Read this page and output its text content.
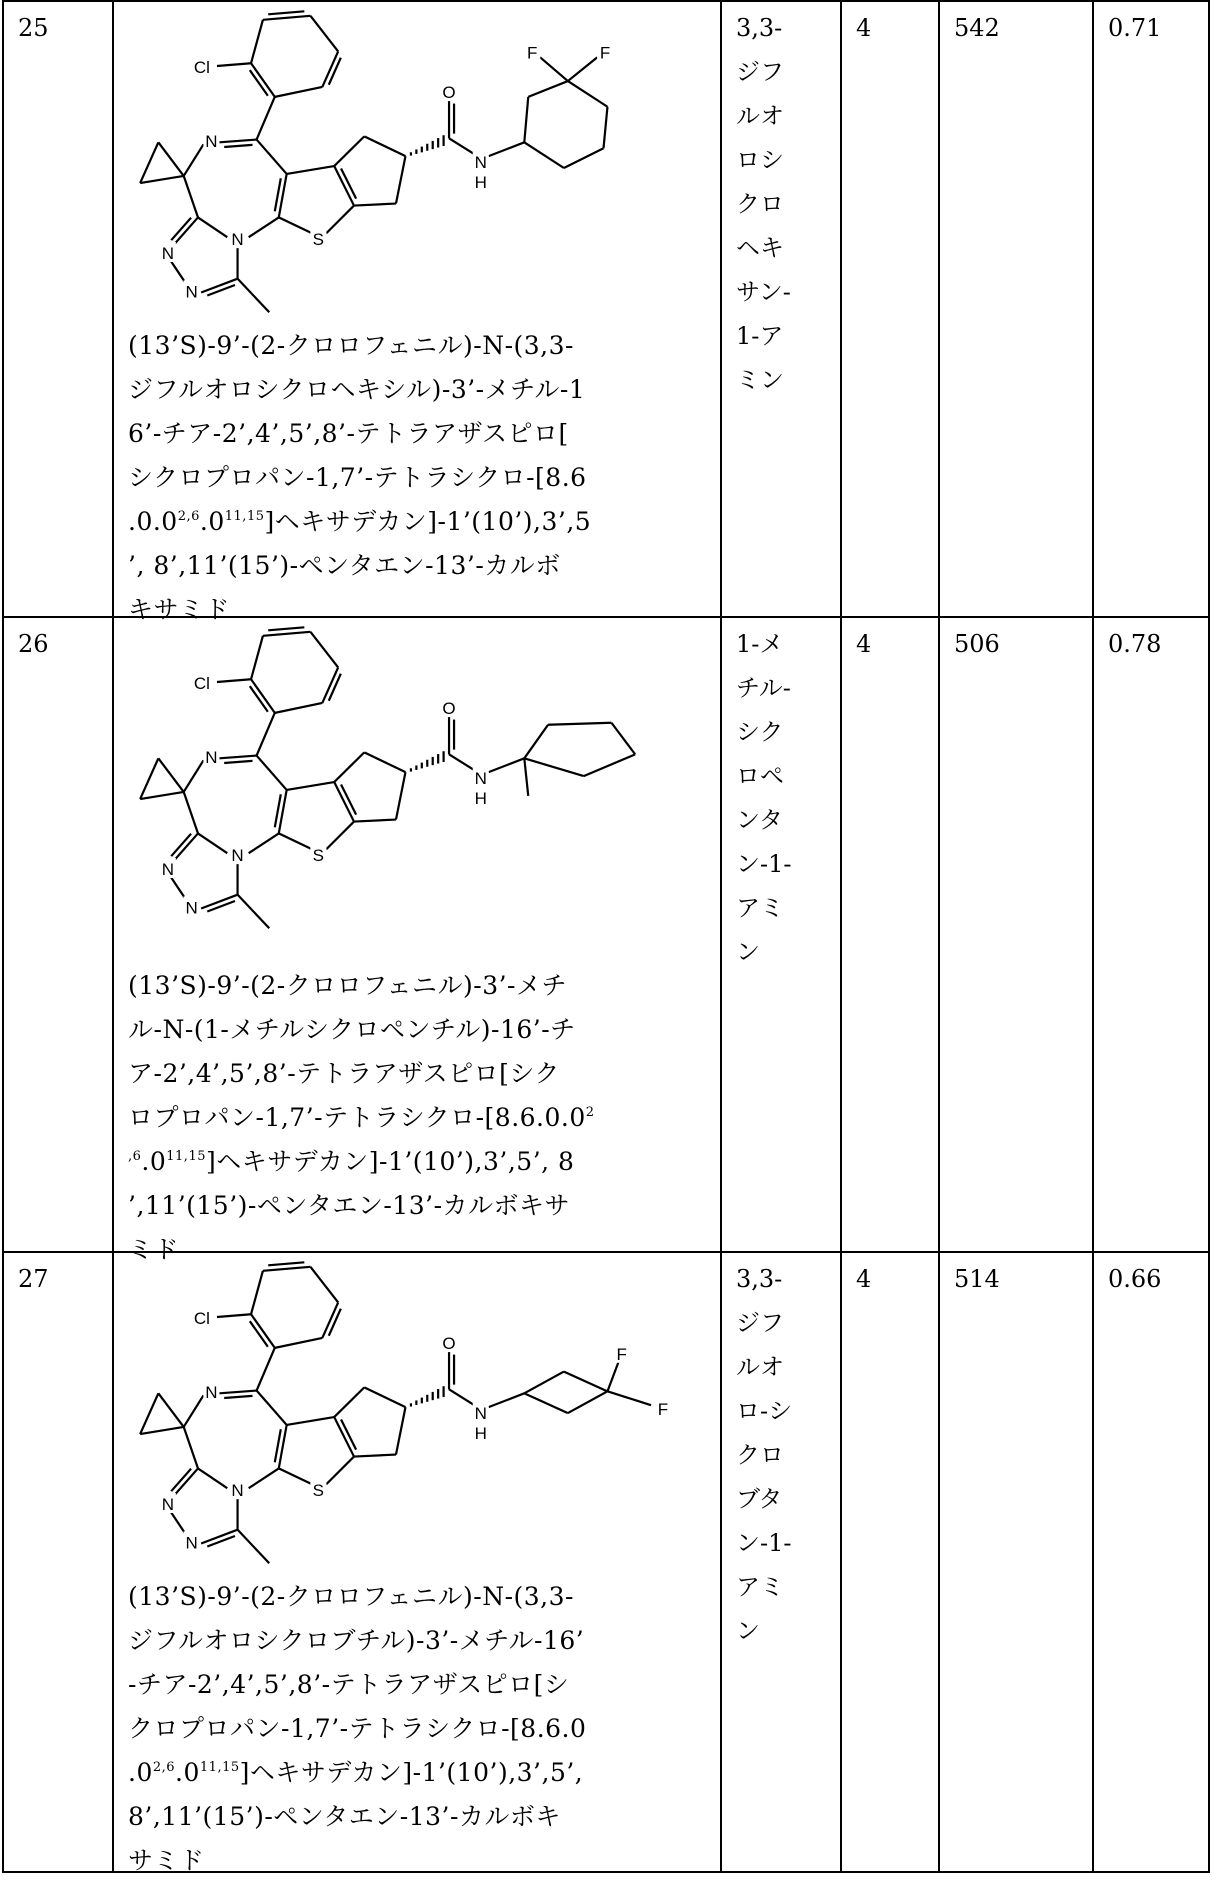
25
Cl
N
N
N
N
S
O
N
H
F	F
(13’S)-9’-(2-クロロフェニル)-N-(3,3-
ジフルオロシクロヘキシル)-3’-メチル-1
6’-チア-2’,4’,5’,8’-テトラアザスピロ[
シクロプロパン-1,7’-テトラシクロ-[8.6
.0.02,6.011,15]ヘキサデカン]-1’(10’),3’,5
’, 8’,11’(15’)-ペンタエン-13’-カルボ
キサミド
3,3-
ジフ
ルオ
ロシ
クロ
ヘキ
サン-
1-ア
ミン
4	542	0.71
26
Cl
N
N
N
N
S
O
N
H
(13’S)-9’-(2-クロロフェニル)-3’-メチ
ル-N-(1-メチルシクロペンチル)-16’-チ
ア-2’,4’,5’,8’-テトラアザスピロ[シク
ロプロパン-1,7’-テトラシクロ-[8.6.0.02
,6.011,15]ヘキサデカン]-1’(10’),3’,5’, 8
’,11’(15’)-ペンタエン-13’-カルボキサ
ミド
1-メ
チル-
シク
ロペ
ンタ
ン-1-
アミ
ン
4	506	0.78
27
Cl
N
N
N
N
S
O
N
H
F
F
(13’S)-9’-(2-クロロフェニル)-N-(3,3-
ジフルオロシクロブチル)-3’-メチル-16’
-チア-2’,4’,5’,8’-テトラアザスピロ[シ
クロプロパン-1,7’-テトラシクロ-[8.6.0
.02,6.011,15]ヘキサデカン]-1’(10’),3’,5’,
8’,11’(15’)-ペンタエン-13’-カルボキ
サミド
3,3-
ジフ
ルオ
ロ-シ
クロ
ブタ
ン-1-
アミ
ン
4	514	0.66
